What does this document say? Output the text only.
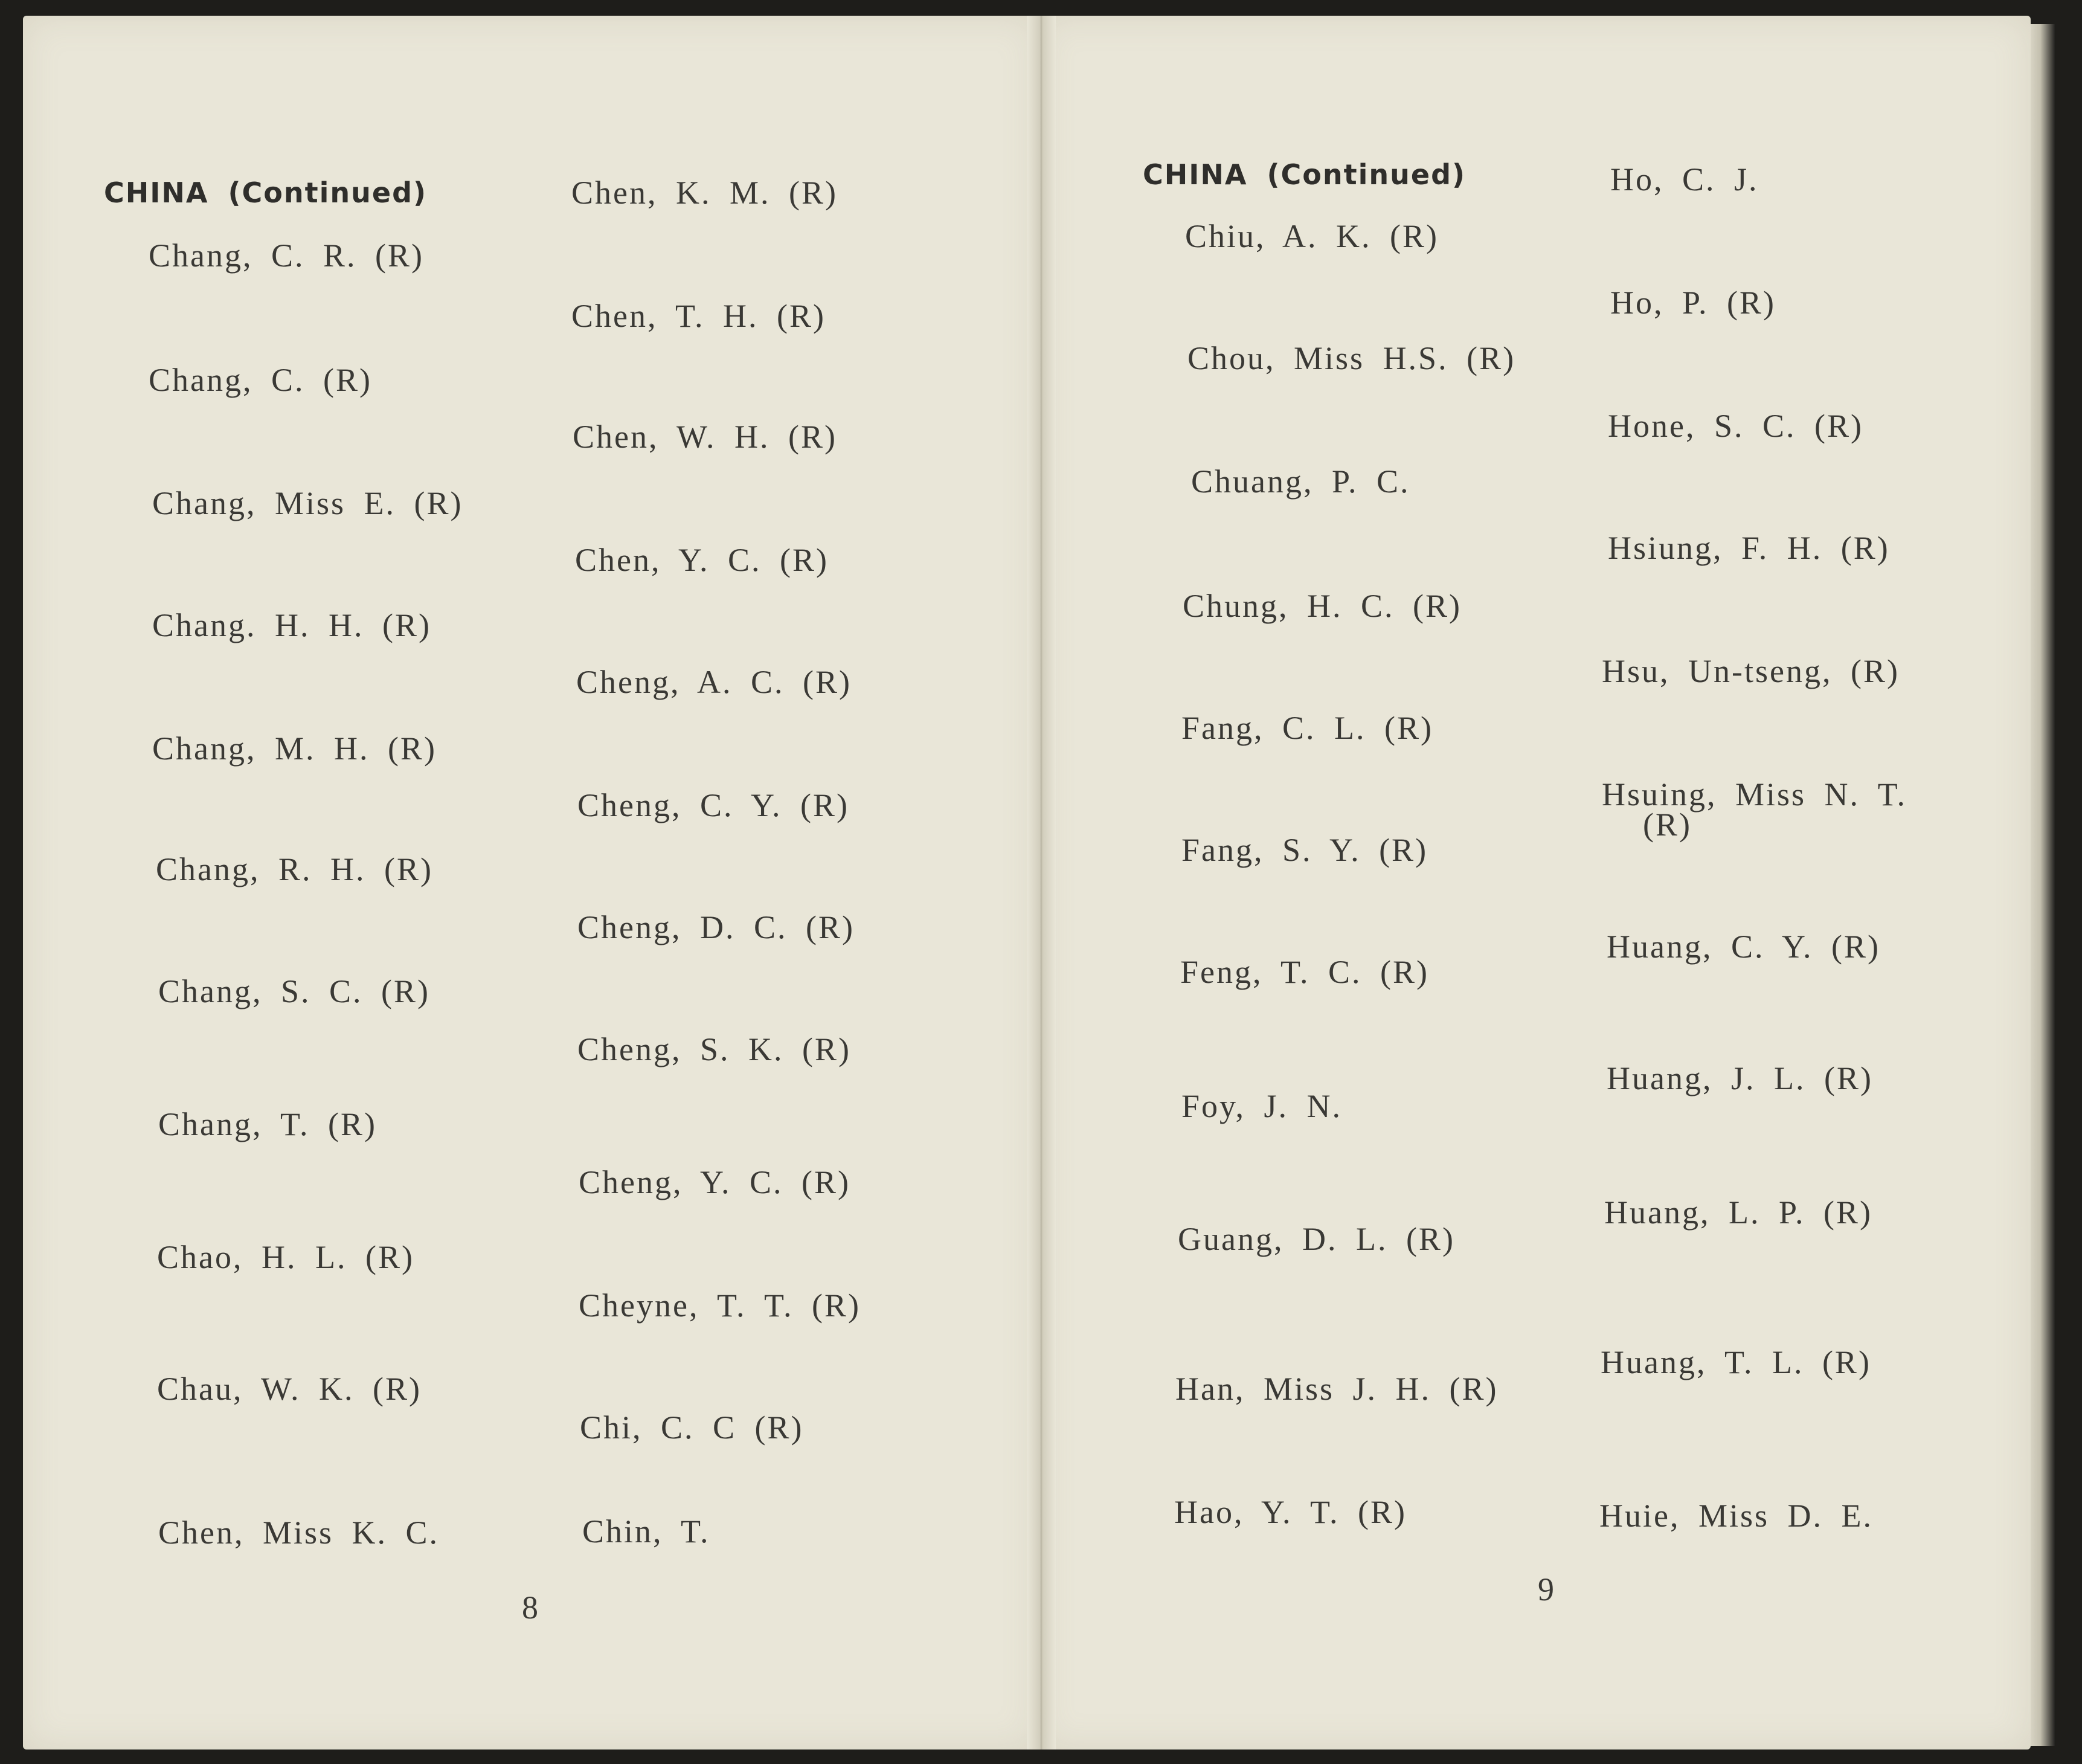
CHINA (Continued)
Chang, C. R. (R)
Chang, C. (R)
Chang, Miss E. (R)
Chang. H. H. (R)
Chang, M. H. (R)
Chang, R. H. (R)
Chang, S. C. (R)
Chang, T. (R)
Chao, H. L. (R)
Chau, W. K. (R)
Chen, Miss K. C.
Chen, K. M. (R)
Chen, T. H. (R)
Chen, W. H. (R)
Chen, Y. C. (R)
Cheng, A. C. (R)
Cheng, C. Y. (R)
Cheng, D. C. (R)
Cheng, S. K. (R)
Cheng, Y. C. (R)
Cheyne, T. T. (R)
Chi, C. C (R)
Chin, T.
8
CHINA (Continued)
Chiu, A. K. (R)
Chou, Miss H.S. (R)
Chuang, P. C.
Chung, H. C. (R)
Fang, C. L. (R)
Fang, S. Y. (R)
Feng, T. C. (R)
Foy, J. N.
Guang, D. L. (R)
Han, Miss J. H. (R)
Hao, Y. T. (R)
Ho, C. J.
Ho, P. (R)
Hone, S. C. (R)
Hsiung, F. H. (R)
Hsu, Un-tseng, (R)
Hsuing, Miss N. T.
(R)
Huang, C. Y. (R)
Huang, J. L. (R)
Huang, L. P. (R)
Huang, T. L. (R)
Huie, Miss D. E.
9
